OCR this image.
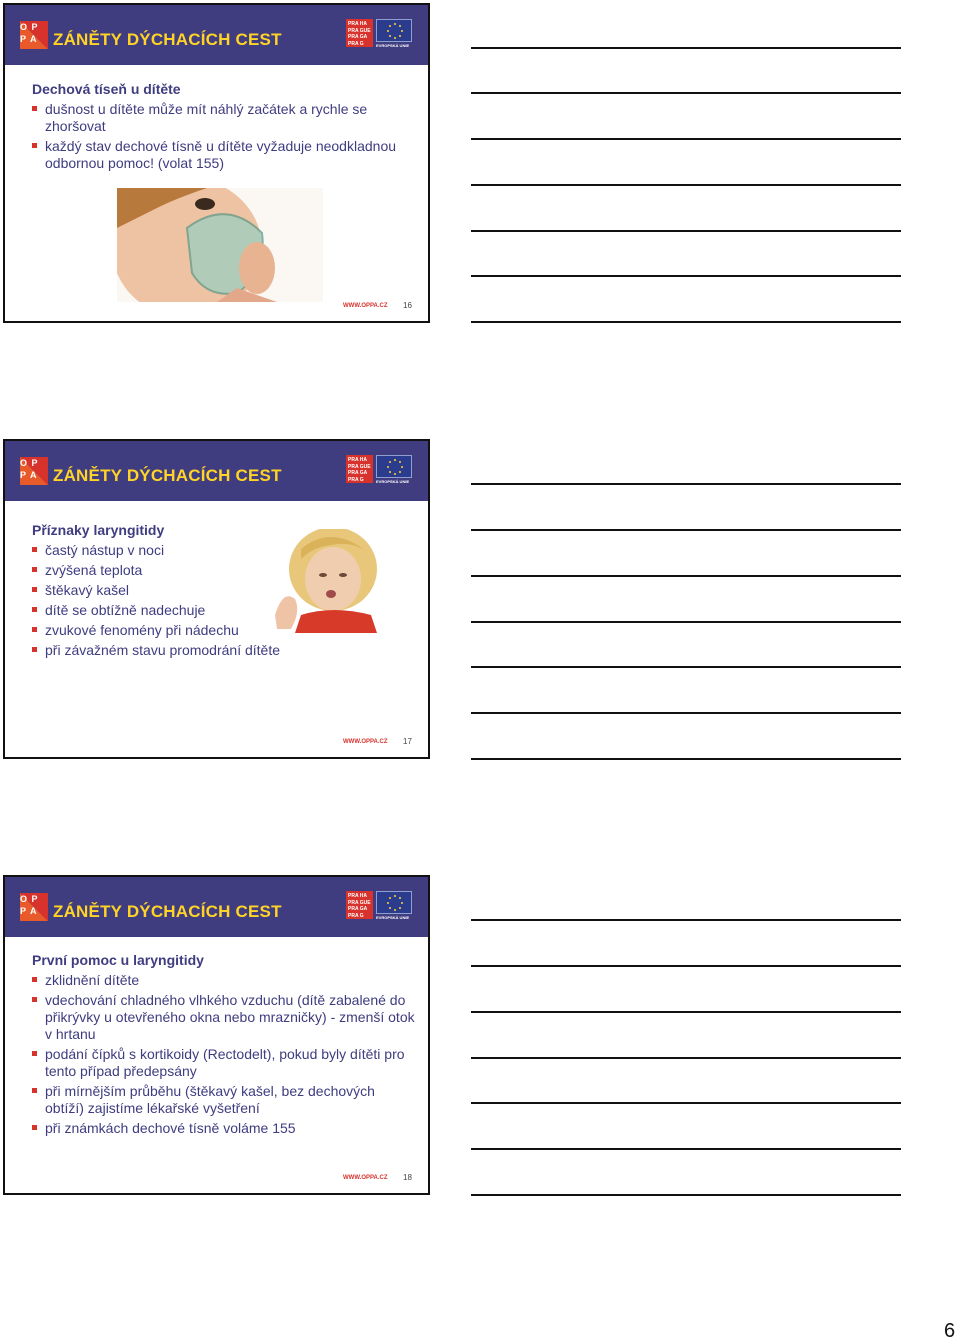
O P P A ZÁNĚTY DÝCHACÍCH CEST
PRA HA PRA GUE PRA GA PRA G	EVROPSKÁ UNIE
Dechová tíseň u dítěte
dušnost u dítěte může mít náhlý začátek a rychle se zhoršovat
každý stav dechové tísně u dítěte vyžaduje neodkladnou odbornou pomoc! (volat 155)
WWW.OPPA.CZ 16
O P P A ZÁNĚTY DÝCHACÍCH CEST
PRA HA PRA GUE PRA GA PRA G	EVROPSKÁ UNIE
Příznaky laryngitidy
častý nástup v noci
zvýšená teplota
štěkavý kašel
dítě se obtížně nadechuje
zvukové fenomény při nádechu
při závažném stavu promodrání dítěte
WWW.OPPA.CZ 17
O P P A ZÁNĚTY DÝCHACÍCH CEST
PRA HA PRA GUE PRA GA PRA G	EVROPSKÁ UNIE
První pomoc u laryngitidy
zklidnění dítěte
vdechování chladného vlhkého vzduchu (dítě zabalené do přikrývky u otevřeného okna nebo mrazničky) - zmenší otok v hrtanu
podání čípků s kortikoidy (Rectodelt), pokud byly dítěti pro tento případ předepsány
při mírnějším průběhu (štěkavý kašel, bez dechových obtíží) zajistíme lékařské vyšetření
při známkách dechové tísně voláme 155
WWW.OPPA.CZ 18
6
